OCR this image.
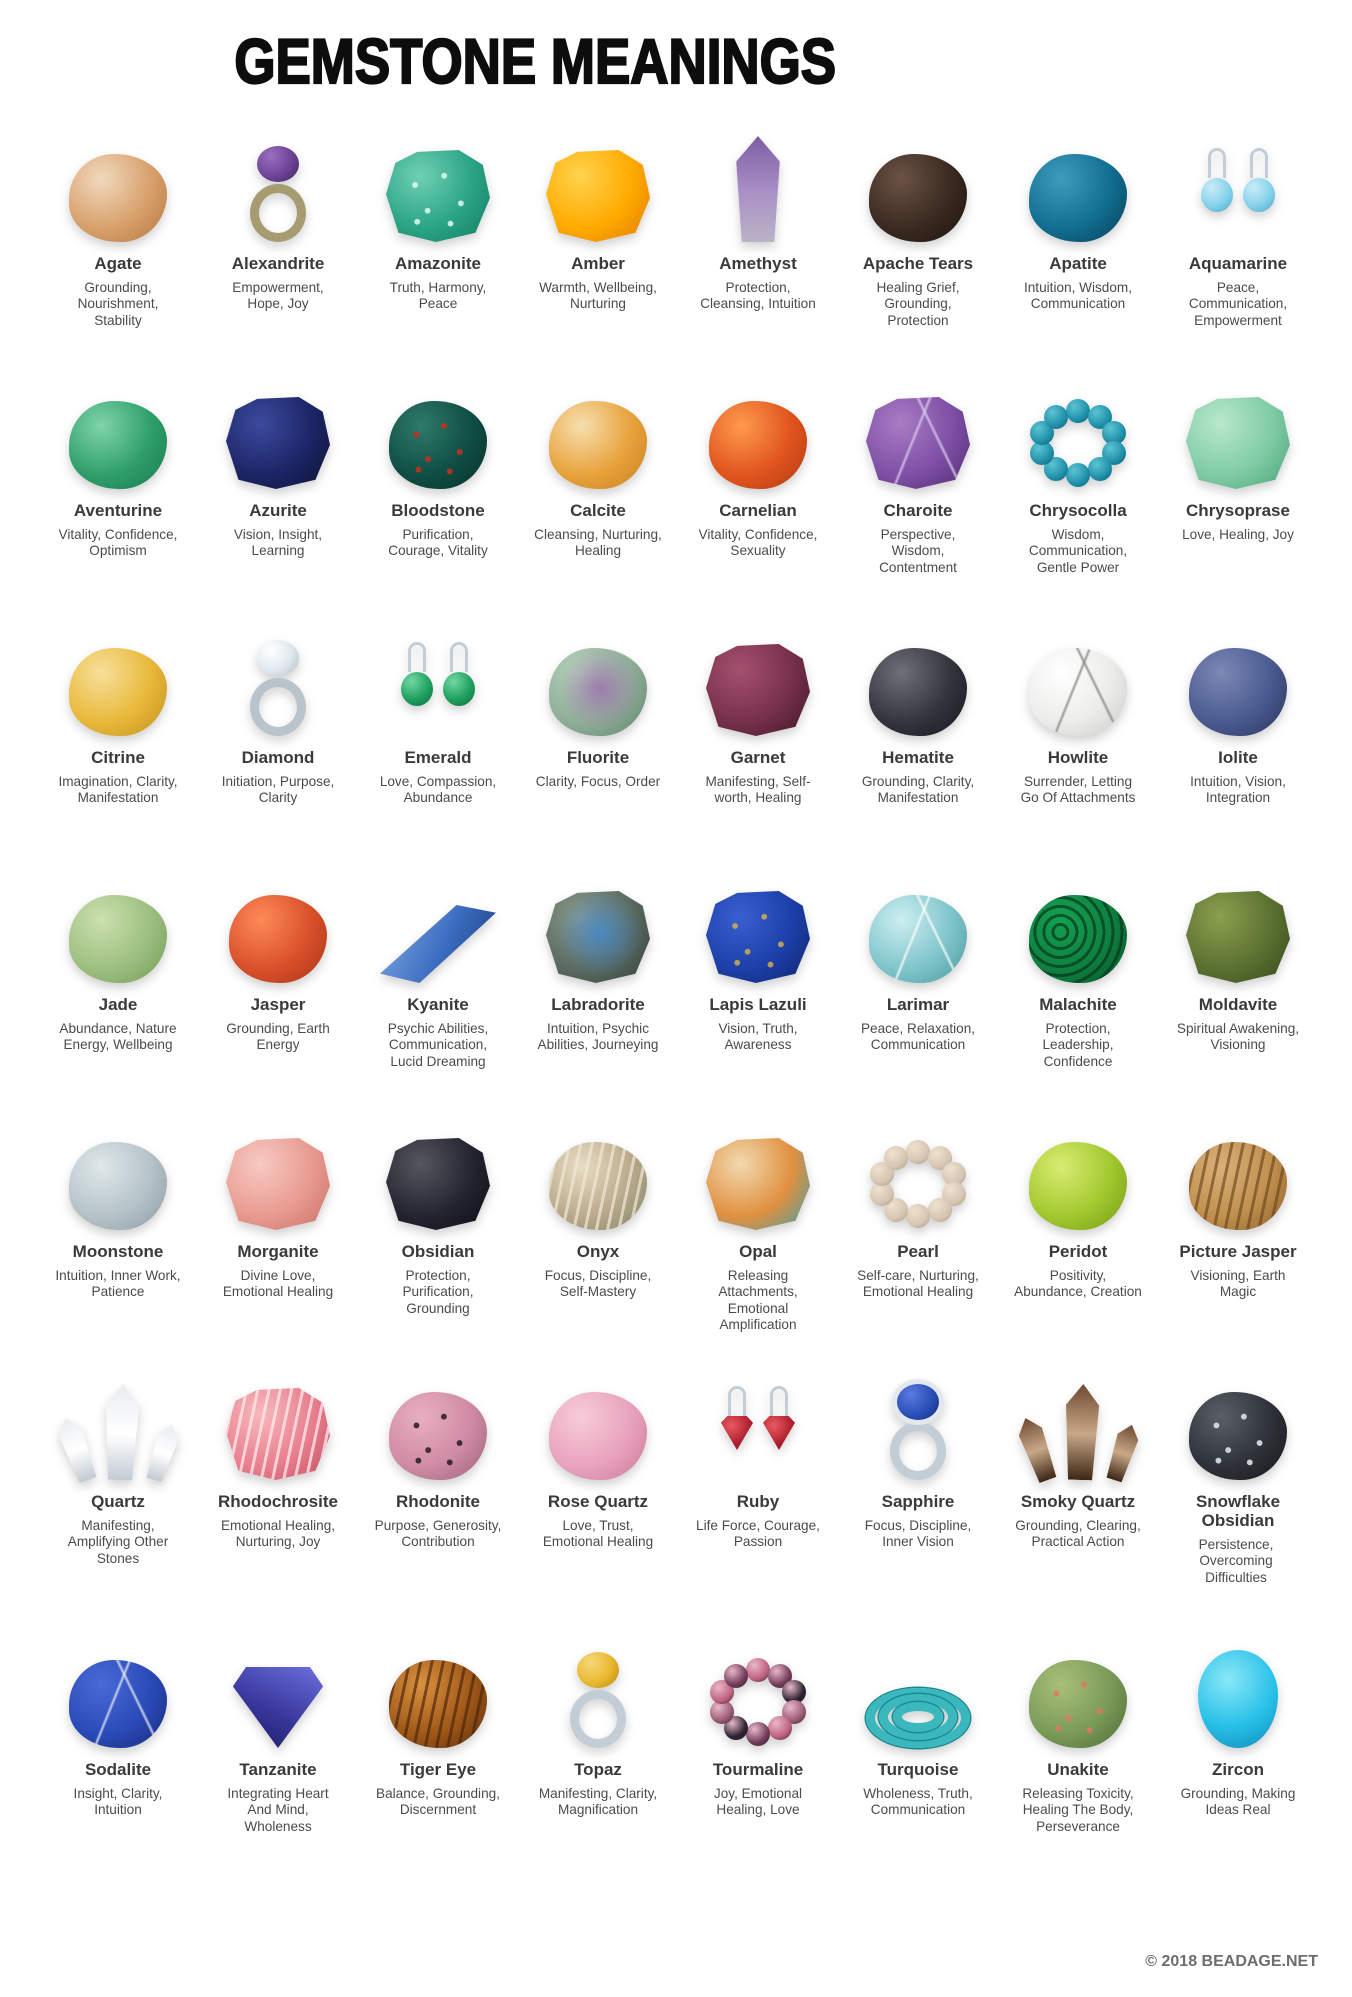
GEMSTONE MEANINGS
Agate

Grounding, Nourishment, Stability

Alexandrite

Empowerment, Hope, Joy

Amazonite

Truth, Harmony, Peace

Amber

Warmth, Wellbeing, Nurturing

Amethyst

Protection, Cleansing, Intuition

Apache Tears

Healing Grief, Grounding, Protection

Apatite

Intuition, Wisdom, Communication

Aquamarine

Peace, Communication, Empowerment

Aventurine

Vitality, Confidence, Optimism

Azurite

Vision, Insight, Learning

Bloodstone

Purification, Courage, Vitality

Calcite

Cleansing, Nurturing, Healing

Carnelian

Vitality, Confidence, Sexuality

Charoite

Perspective, Wisdom, Contentment

Chrysocolla

Wisdom, Communication, Gentle Power

Chrysoprase

Love, Healing, Joy

Citrine

Imagination, Clarity, Manifestation

Diamond

Initiation, Purpose, Clarity

Emerald

Love, Compassion, Abundance

Fluorite

Clarity, Focus, Order

Garnet

Manifesting, Self-worth, Healing

Hematite

Grounding, Clarity, Manifestation

Howlite

Surrender, Letting Go Of Attachments

Iolite

Intuition, Vision, Integration

Jade

Abundance, Nature Energy, Wellbeing

Jasper

Grounding, Earth Energy

Kyanite

Psychic Abilities, Communication, Lucid Dreaming

Labradorite

Intuition, Psychic Abilities, Journeying

Lapis Lazuli

Vision, Truth, Awareness

Larimar

Peace, Relaxation, Communication

Malachite

Protection, Leadership, Confidence

Moldavite

Spiritual Awakening, Visioning

Moonstone

Intuition, Inner Work, Patience

Morganite

Divine Love, Emotional Healing

Obsidian

Protection, Purification, Grounding

Onyx

Focus, Discipline, Self-Mastery

Opal

Releasing Attachments, Emotional Amplification

Pearl

Self-care, Nurturing, Emotional Healing

Peridot

Positivity, Abundance, Creation

Picture Jasper

Visioning, Earth Magic

Quartz

Manifesting, Amplifying Other Stones

Rhodochrosite

Emotional Healing, Nurturing, Joy

Rhodonite

Purpose, Generosity, Contribution

Rose Quartz

Love, Trust, Emotional Healing

Ruby

Life Force, Courage, Passion

Sapphire

Focus, Discipline, Inner Vision

Smoky Quartz

Grounding, Clearing, Practical Action

Snowflake Obsidian

Persistence, Overcoming Difficulties

Sodalite

Insight, Clarity, Intuition

Tanzanite

Integrating Heart And Mind, Wholeness

Tiger Eye

Balance, Grounding, Discernment

Topaz

Manifesting, Clarity, Magnification

Tourmaline

Joy, Emotional Healing, Love

Turquoise

Wholeness, Truth, Communication

Unakite

Releasing Toxicity, Healing The Body, Perseverance

Zircon

Grounding, Making Ideas Real

© 2018 BEADAGE.NET
